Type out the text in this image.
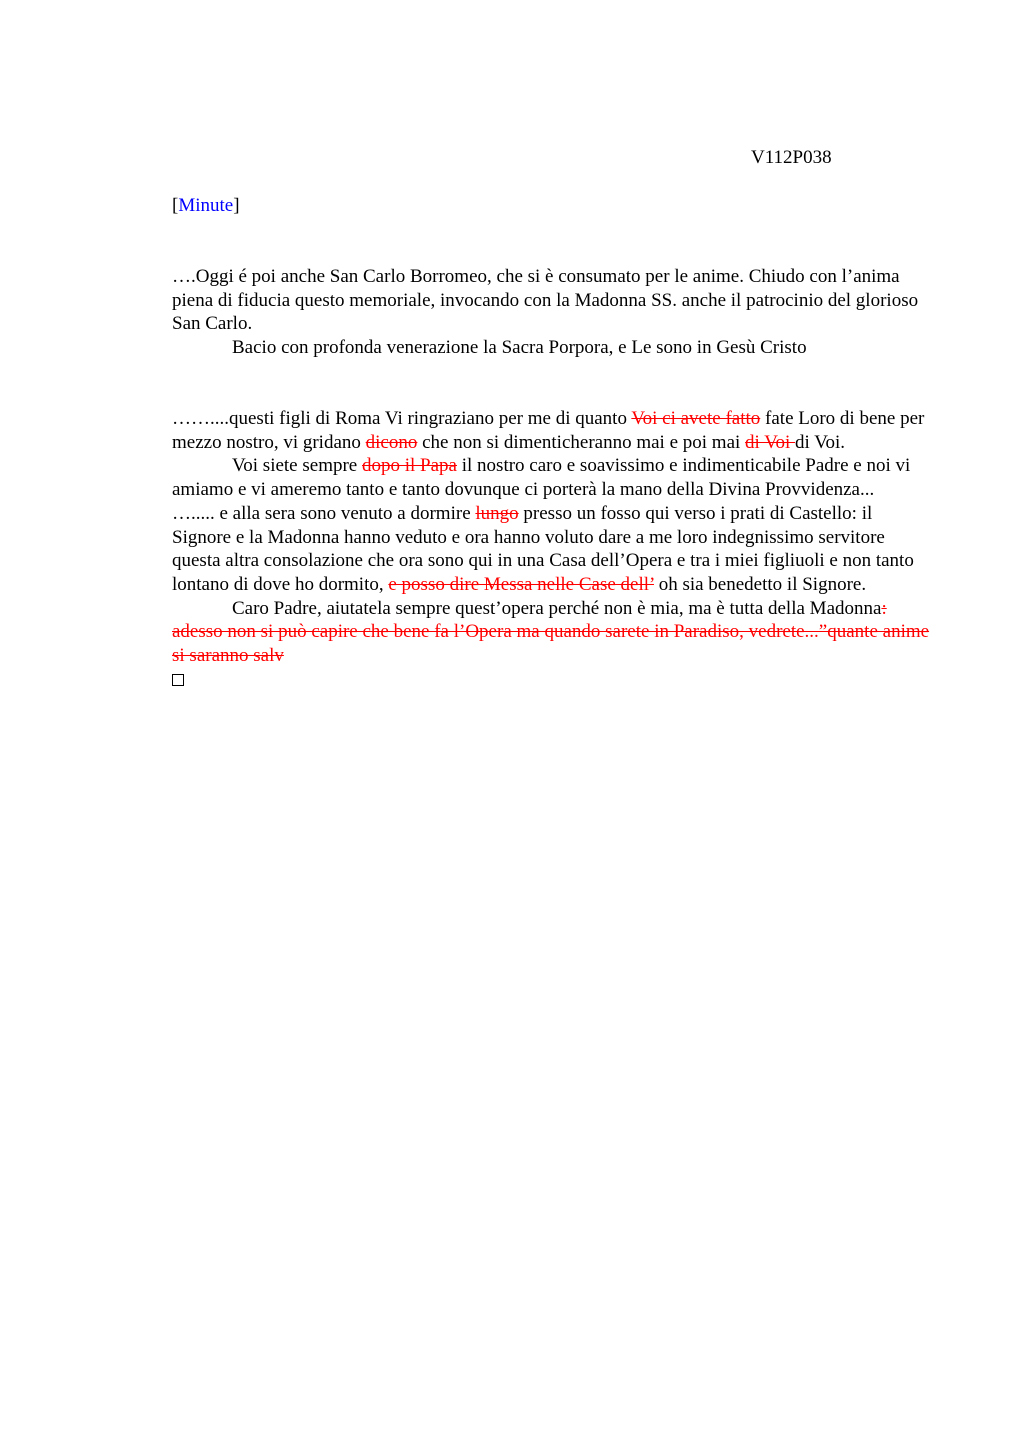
V112P038
[Minute]

….Oggi é poi anche San Carlo Borromeo, che si è consumato per le anime. Chiudo con l’anima piena di fiducia questo memoriale, invocando con la Madonna SS. anche il patrocinio del glorioso San Carlo.

Bacio con profonda venerazione la Sacra Porpora, e Le sono in Gesù Cristo

……....questi figli di Roma Vi ringraziano per me di quanto Voi ci avete fatto fate Loro di bene per mezzo nostro, vi gridano dicono che non si dimenticheranno mai e poi mai di Voi di Voi.

Voi siete sempre dopo il Papa il nostro caro e soavissimo e indimenticabile Padre e noi vi amiamo e vi ameremo tanto e tanto dovunque ci porterà la mano della Divina Provvidenza...

…..... e alla sera sono venuto a dormire lungo presso un fosso qui verso i prati di Castello: il Signore e la Madonna hanno veduto e ora hanno voluto dare a me loro indegnissimo servitore questa altra consolazione che ora sono qui in una Casa dell’Opera e tra i miei figliuoli e non tanto lontano di dove ho dormito, e posso dire Messa nelle Case dell’ oh sia benedetto il Signore.

Caro Padre, aiutatela sempre quest’opera perché non è mia, ma è tutta della Madonna: adesso non si può capire che bene fa l’Opera ma quando sarete in Paradiso, vedrete...”quante anime si saranno salv
